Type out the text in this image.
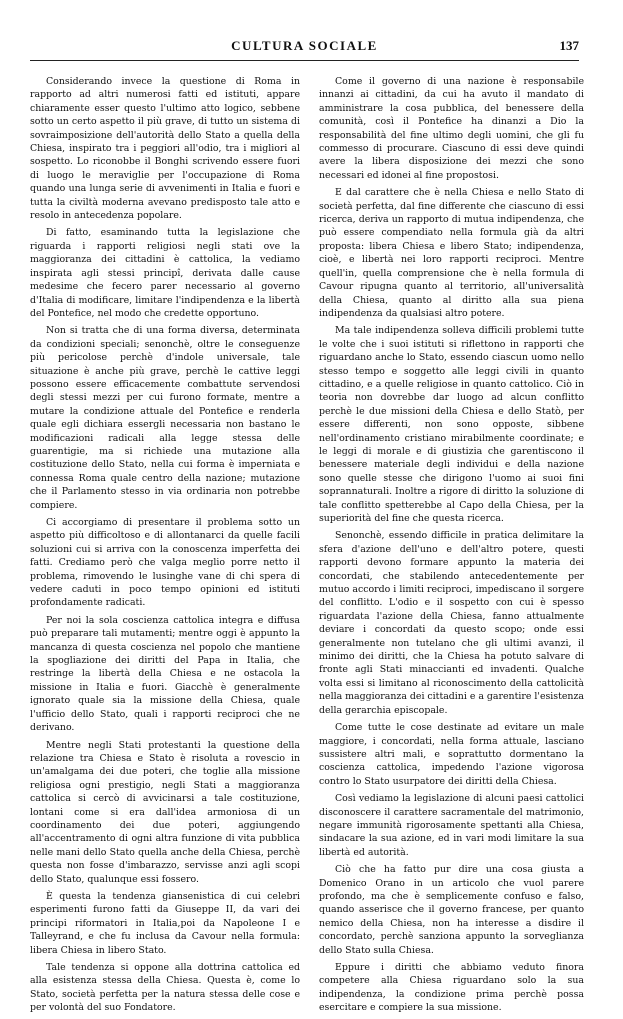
CULTURA SOCIALE	137

Considerando invece la questione di Roma in rapporto ad altri numerosi fatti ed istituti, appare chiaramente esser questo l'ultimo atto logico, sebbene sotto un certo aspetto il più grave, di tutto un sistema di sovraimposizione dell'autorità dello Stato a quella della Chiesa, inspirato tra i peggiori all'odio, tra i migliori al sospetto. Lo riconobbe il Bonghi scrivendo essere fuori di luogo le meraviglie per l'occupazione di Roma quando una lunga serie di avvenimenti in Italia e fuori e tutta la civiltà moderna avevano predisposto tale atto e resolo in antecedenza popolare.

Di fatto, esaminando tutta la legislazione che riguarda i rapporti religiosi negli stati ove la maggioranza dei cittadini è cattolica, la vediamo inspirata agli stessi principî, derivata dalle cause medesime che fecero parer necessario al governo d'Italia di modificare, limitare l'indipendenza e la libertà del Pontefice, nel modo che credette opportuno.

Non si tratta che di una forma diversa, determinata da condizioni speciali; senonchè, oltre le conseguenze più pericolose perchè d'indole universale, tale situazione è anche più grave, perchè le cattive leggi possono essere efficacemente combattute servendosi degli stessi mezzi per cui furono formate, mentre a mutare la condizione attuale del Pontefice e renderla quale egli dichiara essergli necessaria non bastano le modificazioni radicali alla legge stessa delle guarentigie, ma si richiede una mutazione alla costituzione dello Stato, nella cui forma è imperniata e connessa Roma quale centro della nazione; mutazione che il Parlamento stesso in via ordinaria non potrebbe compiere.

Ci accorgiamo di presentare il problema sotto un aspetto più difficoltoso e di allontanarci da quelle facili soluzioni cui si arriva con la conoscenza imperfetta dei fatti. Crediamo però che valga meglio porre netto il problema, rimovendo le lusinghe vane di chi spera di vedere caduti in poco tempo opinioni ed istituti profondamente radicati.

Per noi la sola coscienza cattolica integra e diffusa può preparare tali mutamenti; mentre oggi è appunto la mancanza di questa coscienza nel popolo che mantiene la spogliazione dei diritti del Papa in Italia, che restringe la libertà della Chiesa e ne ostacola la missione in Italia e fuori. Giacchè è generalmente ignorato quale sia la missione della Chiesa, quale l'ufficio dello Stato, quali i rapporti reciproci che ne derivano.

Mentre negli Stati protestanti la questione della relazione tra Chiesa e Stato è risoluta a rovescio in un'amalgama dei due poteri, che toglie alla missione religiosa ogni prestigio, negli Stati a maggioranza cattolica si cercò di avvicinarsi a tale costituzione, lontani come si era dall'idea armoniosa di un coordinamento dei due poteri, aggiungendo all'accentramento di ogni altra funzione di vita pubblica nelle mani dello Stato quella anche della Chiesa, perchè questa non fosse d'imbarazzo, servisse anzi agli scopi dello Stato, qualunque essi fossero.

È questa la tendenza giansenistica di cui celebri esperimenti furono fatti da Giuseppe II, da vari dei principi riformatori in Italia,poi da Napoleone I e Talleyrand, e che fu inclusa da Cavour nella formula: libera Chiesa in libero Stato.

Tale tendenza si oppone alla dottrina cattolica ed alla esistenza stessa della Chiesa. Questa è, come lo Stato, società perfetta per la natura stessa delle cose e per volontà del suo Fondatore.

Come il governo di una nazione è responsabile innanzi ai cittadini, da cui ha avuto il mandato di amministrare la cosa pubblica, del benessere della comunità, così il Pontefice ha dinanzi a Dio la responsabilità del fine ultimo degli uomini, che gli fu commesso di procurare. Ciascuno di essi deve quindi avere la libera disposizione dei mezzi che sono necessari ed idonei al fine propostosi.

E dal carattere che è nella Chiesa e nello Stato di società perfetta, dal fine differente che ciascuno di essi ricerca, deriva un rapporto di mutua indipendenza, che può essere compendiato nella formula già da altri proposta: libera Chiesa e libero Stato; indipendenza, cioè, e libertà nei loro rapporti reciproci. Mentre quell'in, quella comprensione che è nella formula di Cavour ripugna quanto al territorio, all'universalità della Chiesa, quanto al diritto alla sua piena indipendenza da qualsiasi altro potere.

Ma tale indipendenza solleva difficili problemi tutte le volte che i suoi istituti si riflettono in rapporti che riguardano anche lo Stato, essendo ciascun uomo nello stesso tempo e soggetto alle leggi civili in quanto cittadino, e a quelle religiose in quanto cattolico. Ciò in teoria non dovrebbe dar luogo ad alcun conflitto perchè le due missioni della Chiesa e dello Statò, per essere differenti, non sono opposte, sibbene nell'ordinamento cristiano mirabilmente coordinate; e le leggi di morale e di giustizia che garentiscono il benessere materiale degli individui e della nazione sono quelle stesse che dirigono l'uomo ai suoi fini soprannaturali. Inoltre a rigore di diritto la soluzione di tale conflitto spetterebbe al Capo della Chiesa, per la superiorità del fine che questa ricerca.

Senonchè, essendo difficile in pratica delimitare la sfera d'azione dell'uno e dell'altro potere, questi rapporti devono formare appunto la materia dei concordati, che stabilendo antecedentemente per mutuo accordo i limiti reciproci, impediscano il sorgere del conflitto. L'odio e il sospetto con cui è spesso riguardata l'azione della Chiesa, fanno attualmente deviare i concordati da questo scopo; onde essi generalmente non tutelano che gli ultimi avanzi, il minimo dei diritti, che la Chiesa ha potuto salvare di fronte agli Stati minaccianti ed invadenti. Qualche volta essi si limitano al riconoscimento della cattolicità nella maggioranza dei cittadini e a garentire l'esistenza della gerarchia episcopale.

Come tutte le cose destinate ad evitare un male maggiore, i concordati, nella forma attuale, lasciano sussistere altri mali, e soprattutto dormentano la coscienza cattolica, impedendo l'azione vigorosa contro lo Stato usurpatore dei diritti della Chiesa.

Così vediamo la legislazione di alcuni paesi cattolici disconoscere il carattere sacramentale del matrimonio, negare immunità rigorosamente spettanti alla Chiesa, sindacare la sua azione, ed in vari modi limitare la sua libertà ed autorità.

Ciò che ha fatto pur dire una cosa giusta a Domenico Orano in un articolo che vuol parere profondo, ma che è semplicemente confuso e falso, quando asserisce che il governo francese, per quanto nemico della Chiesa, non ha interesse a disdire il concordato, perchè sanziona appunto la sorveglianza dello Stato sulla Chiesa.

Eppure i diritti che abbiamo veduto finora competere alla Chiesa riguardano solo la sua indipendenza, la condizione prima perchè possa esercitare e compiere la sua missione.
